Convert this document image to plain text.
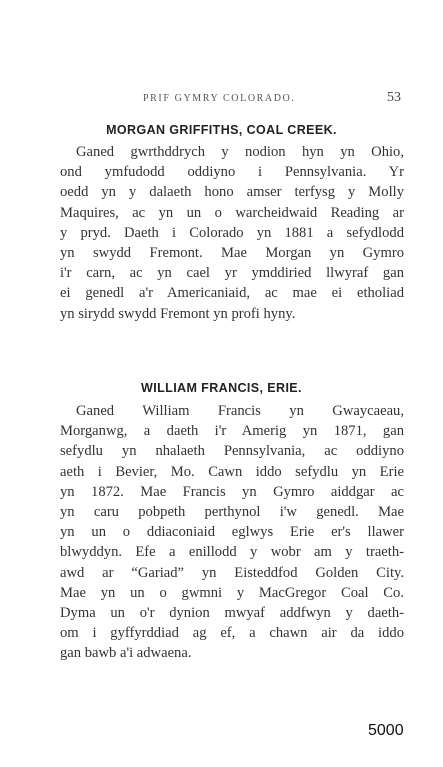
PRIF GYMRY COLORADO.	53
MORGAN GRIFFITHS, COAL CREEK.
Ganed gwrthddrych y nodion hyn yn Ohio,
ond ymfudodd oddiyno i Pennsylvania. Yr
oedd yn y dalaeth hono amser terfysg y Molly
Maquires, ac yn un o warcheidwaid Reading ar
y pryd. Daeth i Colorado yn 1881 a sefydlodd
yn swydd Fremont. Mae Morgan yn Gymro
i'r carn, ac yn cael yr ymddiried llwyraf gan
ei genedl a'r Americaniaid, ac mae ei etholiad
yn sirydd swydd Fremont yn profi hyny.
WILLIAM FRANCIS, ERIE.
Ganed William Francis yn Gwaycaeau,
Morganwg, a daeth i'r Amerig yn 1871, gan
sefydlu yn nhalaeth Pennsylvania, ac oddiyno
aeth i Bevier, Mo. Cawn iddo sefydlu yn Erie
yn 1872. Mae Francis yn Gymro aiddgar ac
yn caru pobpeth perthynol i'w genedl. Mae
yn un o ddiaconiaid eglwys Erie er's llawer
blwyddyn. Efe a enillodd y wobr am y traeth-
awd ar “Gariad” yn Eisteddfod Golden City.
Mae yn un o gwmni y MacGregor Coal Co.
Dyma un o'r dynion mwyaf addfwyn y daeth-
om i gyffyrddiad ag ef, a chawn air da iddo
gan bawb a'i adwaena.
5000
